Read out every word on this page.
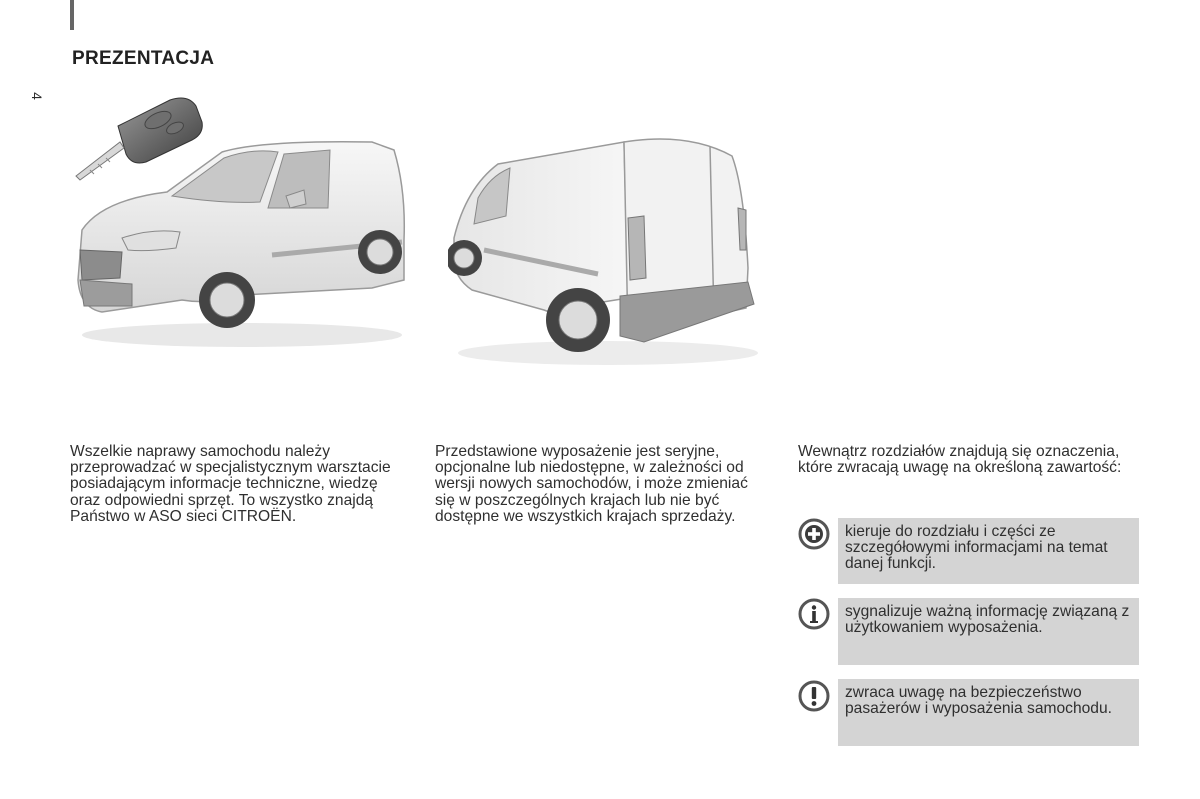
4
PREZENTACJA
Wszelkie naprawy samochodu należy przeprowadzać w specjalistycznym warsztacie posiadającym informacje techniczne, wiedzę oraz odpowiedni sprzęt. To wszystko znajdą Państwo w ASO sieci CITROËN.
Przedstawione wyposażenie jest seryjne, opcjonalne lub niedostępne, w zależności od wersji nowych samochodów, i może zmieniać się w poszczególnych krajach lub nie być dostępne we wszystkich krajach sprzedaży.
Wewnątrz rozdziałów znajdują się oznaczenia, które zwracają uwagę na określoną zawartość:
kieruje do rozdziału i części ze szczegółowymi informacjami na temat danej funkcji.
sygnalizuje ważną informację związaną z użytkowaniem wyposażenia.
zwraca uwagę na bezpieczeństwo pasażerów i wyposażenia samochodu.
